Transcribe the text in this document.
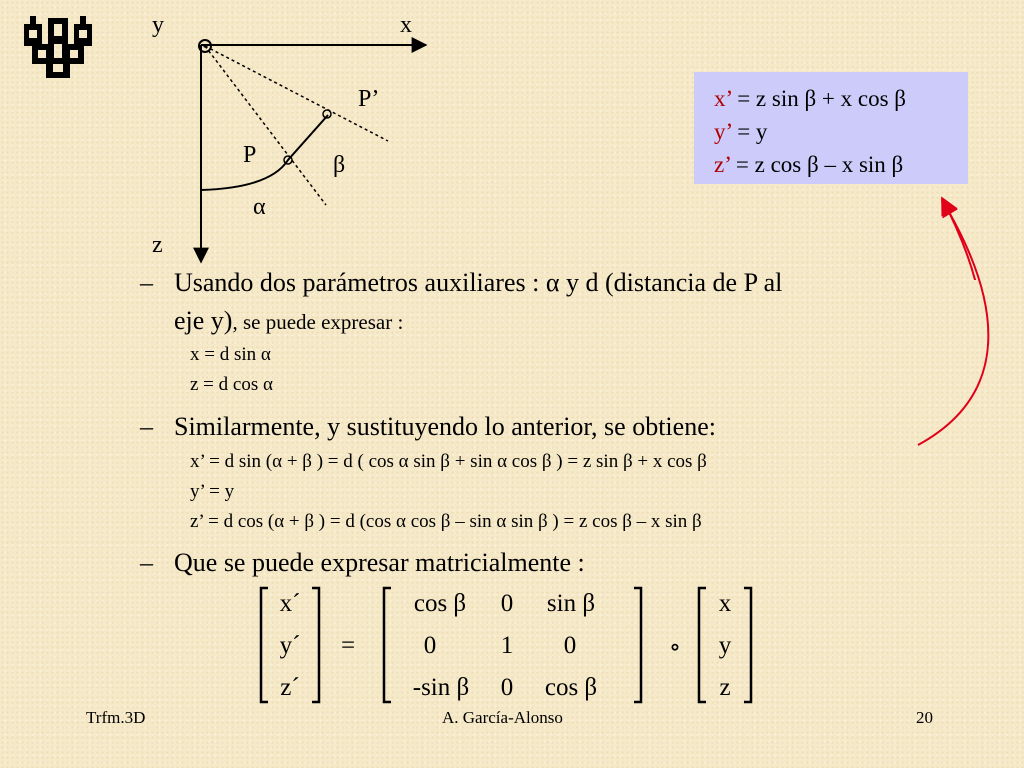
y	x
z
P
P’
β
α
x’ = z sin β + x cos β
y’ = y
z’ = z cos β – x sin β
– Usando dos parámetros auxiliares : α y d (distancia de P al
eje y), se puede expresar :
x = d sin α
z = d cos α
– Similarmente, y sustituyendo lo anterior, se obtiene:
x’ = d sin (α + β ) = d ( cos α sin β + sin α cos β ) = z sin β + x cos β
y’ = y
z’ = d cos (α + β ) = d (cos α cos β – sin α sin β ) = z cos β – x sin β
– Que se puede expresar matricialmente :
x´
y´
z´
=
cos β	0	sin β
0	1	0
-sin β	0	cos β
∘
x
y
z
Trfm.3D	A. García-Alonso	20
